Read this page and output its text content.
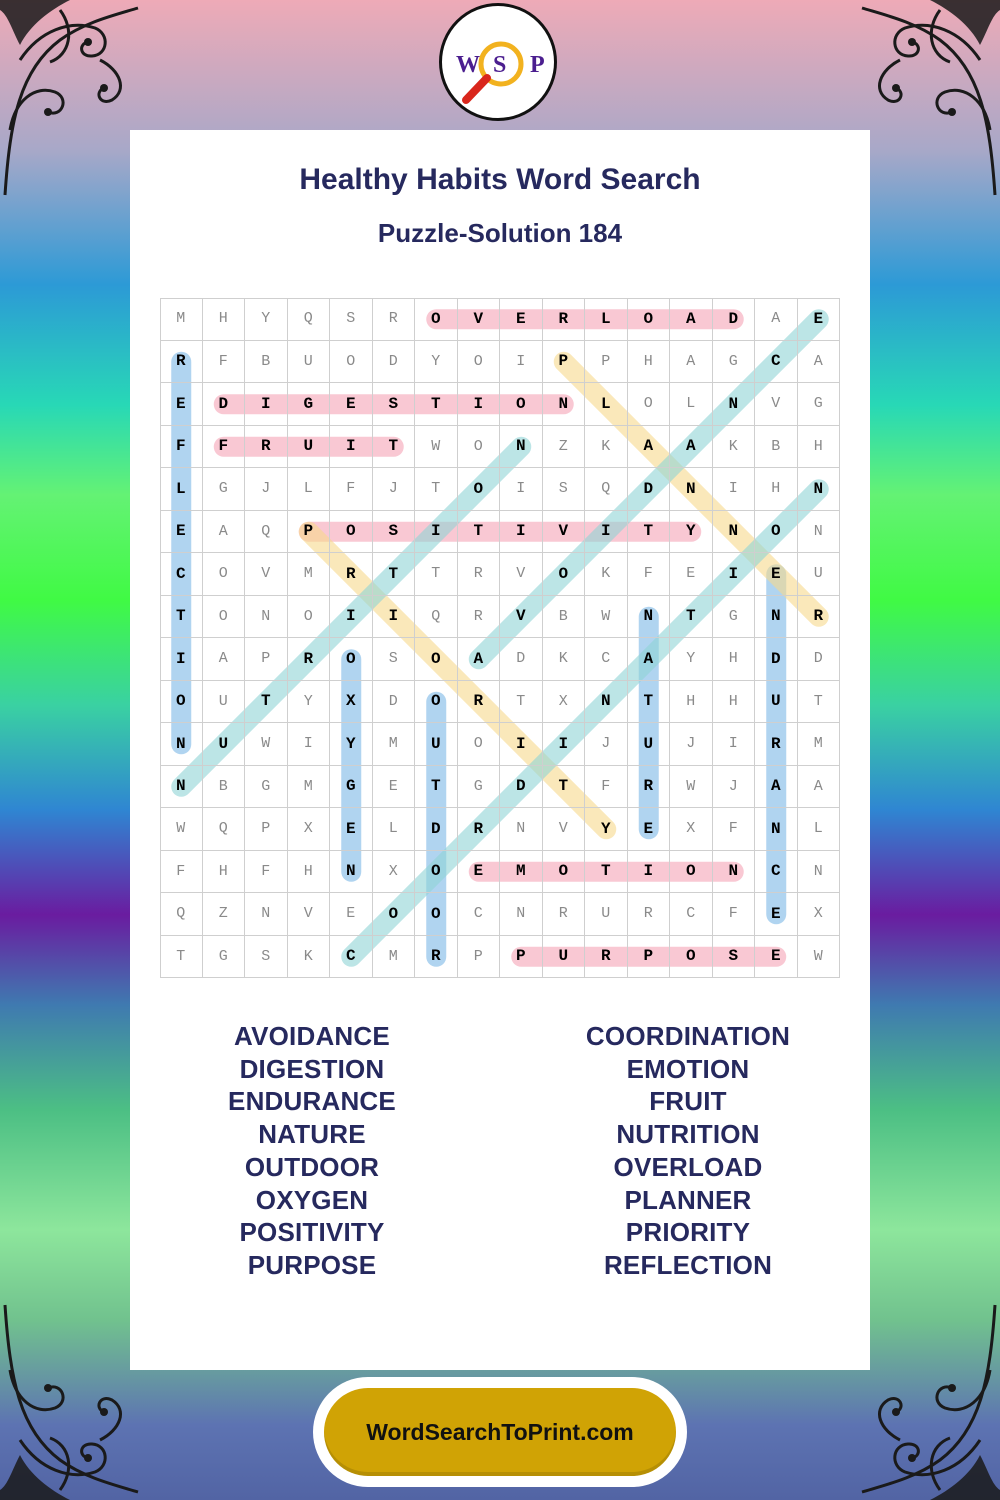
W S P
Healthy Habits Word Search
Puzzle-Solution 184
M	H	Y	Q	S	R	O	V	E	R	L	O	A	D	A	E
R	F	B	U	O	D	Y	O	I	P	P	H	A	G	C	A
E	D	I	G	E	S	T	I	O	N	L	O	L	N	V	G
F	F	R	U	I	T	W	O	N	Z	K	A	A	K	B	H
L	G	J	L	F	J	T	O	I	S	Q	D	N	I	H	N
E	A	Q	P	O	S	I	T	I	V	I	T	Y	N	O	N
C	O	V	M	R	T	T	R	V	O	K	F	E	I	E	U
T	O	N	O	I	I	Q	R	V	B	W	N	T	G	N	R
I	A	P	R	O	S	O	A	D	K	C	A	Y	H	D	D
O	U	T	Y	X	D	O	R	T	X	N	T	H	H	U	T
N	U	W	I	Y	M	U	O	I	I	J	U	J	I	R	M
N	B	G	M	G	E	T	G	D	T	F	R	W	J	A	A
W	Q	P	X	E	L	D	R	N	V	Y	E	X	F	N	L
F	H	F	H	N	X	O	E	M	O	T	I	O	N	C	N
Q	Z	N	V	E	O	O	C	N	R	U	R	C	F	E	X
T	G	S	K	C	M	R	P	P	U	R	P	O	S	E	W
AVOIDANCE
DIGESTION
ENDURANCE
NATURE
OUTDOOR
OXYGEN
POSITIVITY
PURPOSE
COORDINATION
EMOTION
FRUIT
NUTRITION
OVERLOAD
PLANNER
PRIORITY
REFLECTION
WordSearchToPrint.com
